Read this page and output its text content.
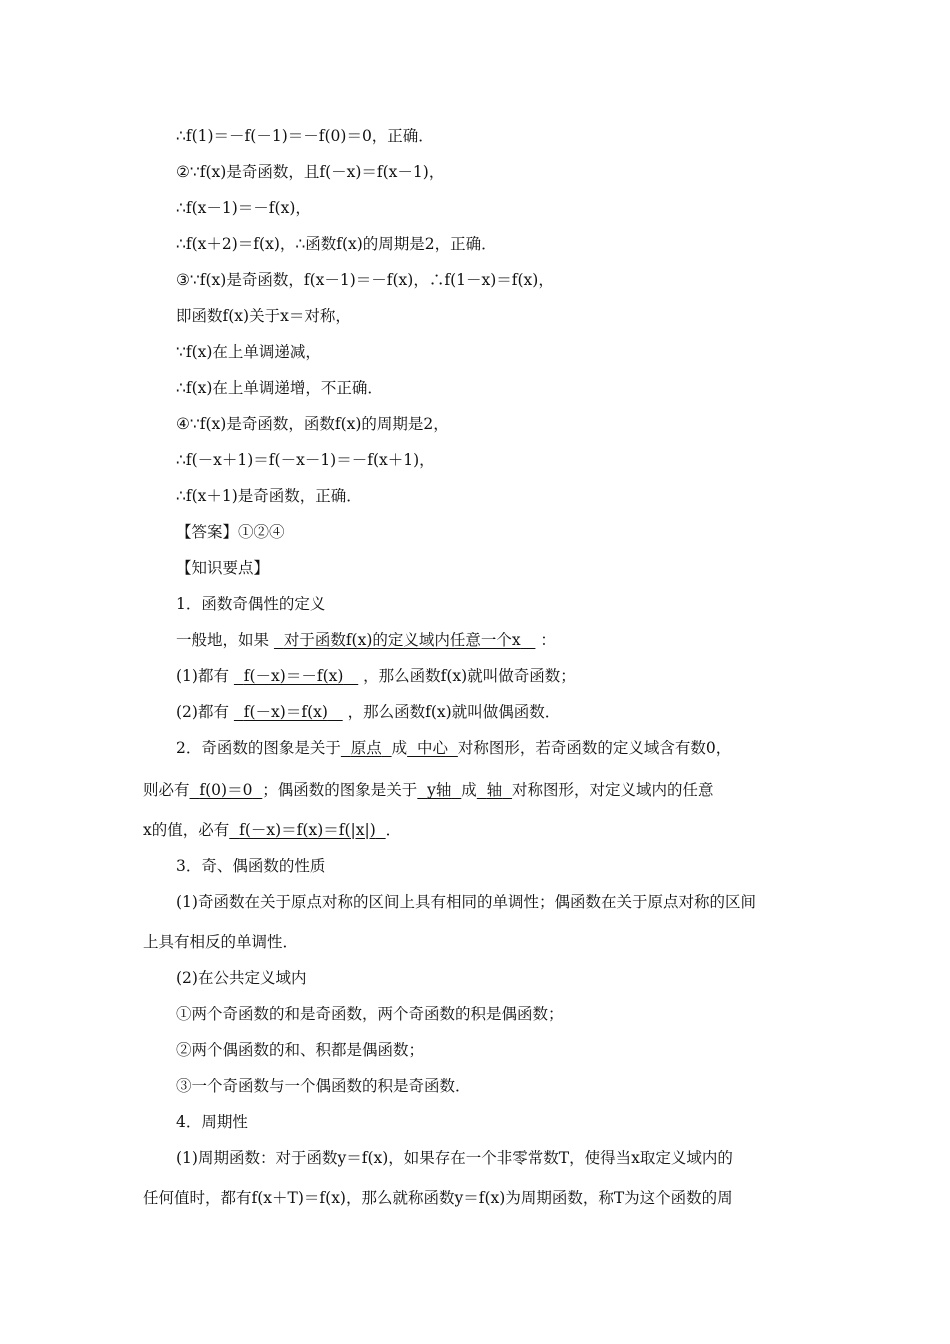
∴f(1)＝－f(－1)＝－f(0)＝0，正确．
②∵f(x)是奇函数，且f(－x)＝f(x－1)，
∴f(x－1)＝－f(x)，
∴f(x＋2)＝f(x)，∴函数f(x)的周期是2，正确．
③∵f(x)是奇函数，f(x－1)＝－f(x)，∴f(1－x)＝f(x)，
即函数f(x)关于x＝对称，
∵f(x)在上单调递减，
∴f(x)在上单调递增，不正确．
④∵f(x)是奇函数，函数f(x)的周期是2，
∴f(－x＋1)＝f(－x－1)＝－f(x＋1)，
∴f(x＋1)是奇函数，正确．
【答案】①②④
【知识要点】
1．函数奇偶性的定义
一般地，如果 对于函数f(x)的定义域内任意一个x ：
(1)都有 f(－x)＝－f(x) ，那么函数f(x)就叫做奇函数；
(2)都有 f(－x)＝f(x) ，那么函数f(x)就叫做偶函数．
2．奇函数的图象是关于 原点 成 中心 对称图形，若奇函数的定义域含有数0，
则必有 f(0)＝0 ；偶函数的图象是关于 y轴 成 轴 对称图形，对定义域内的任意
x的值，必有 f(－x)＝f(x)＝f(|x|) ．
3．奇、偶函数的性质
(1)奇函数在关于原点对称的区间上具有相同的单调性；偶函数在关于原点对称的区间
上具有相反的单调性．
(2)在公共定义域内
①两个奇函数的和是奇函数，两个奇函数的积是偶函数；
②两个偶函数的和、积都是偶函数；
③一个奇函数与一个偶函数的积是奇函数．
4．周期性
(1)周期函数：对于函数y＝f(x)，如果存在一个非零常数T，使得当x取定义域内的
任何值时，都有f(x＋T)＝f(x)，那么就称函数y＝f(x)为周期函数，称T为这个函数的周
